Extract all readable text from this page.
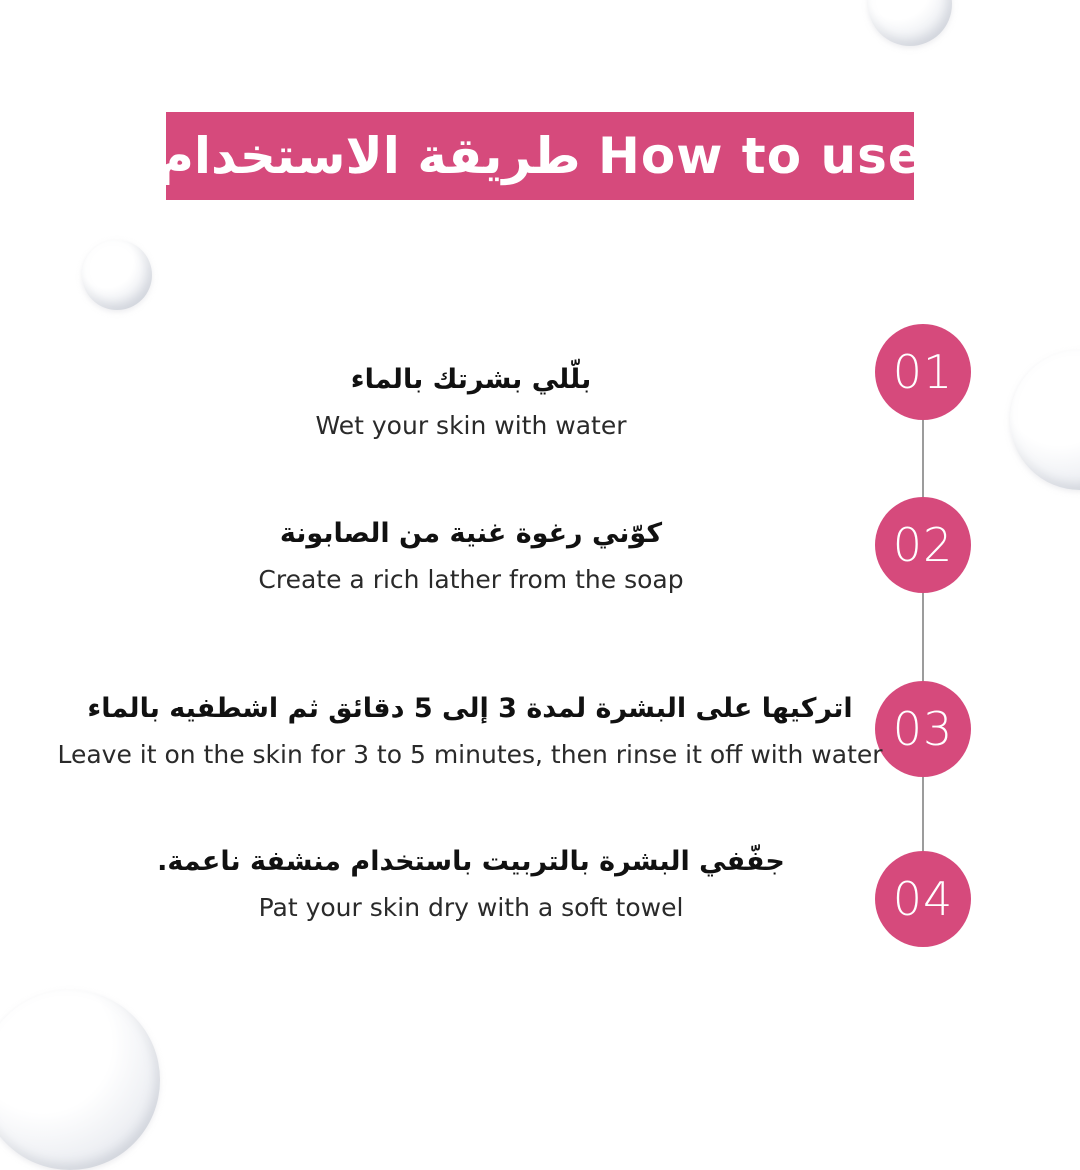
طريقة الاستخدام How to use
01
02
03
04
بلّلي بشرتك بالماء
Wet your skin with water
كوّني رغوة غنية من الصابونة
Create a rich lather from the soap
اتركيها على البشرة لمدة 3 إلى 5 دقائق ثم اشطفيه بالماء
Leave it on the skin for 3 to 5 minutes, then rinse it off with water
جفّفي البشرة بالتربيت باستخدام منشفة ناعمة.
Pat your skin dry with a soft towel
